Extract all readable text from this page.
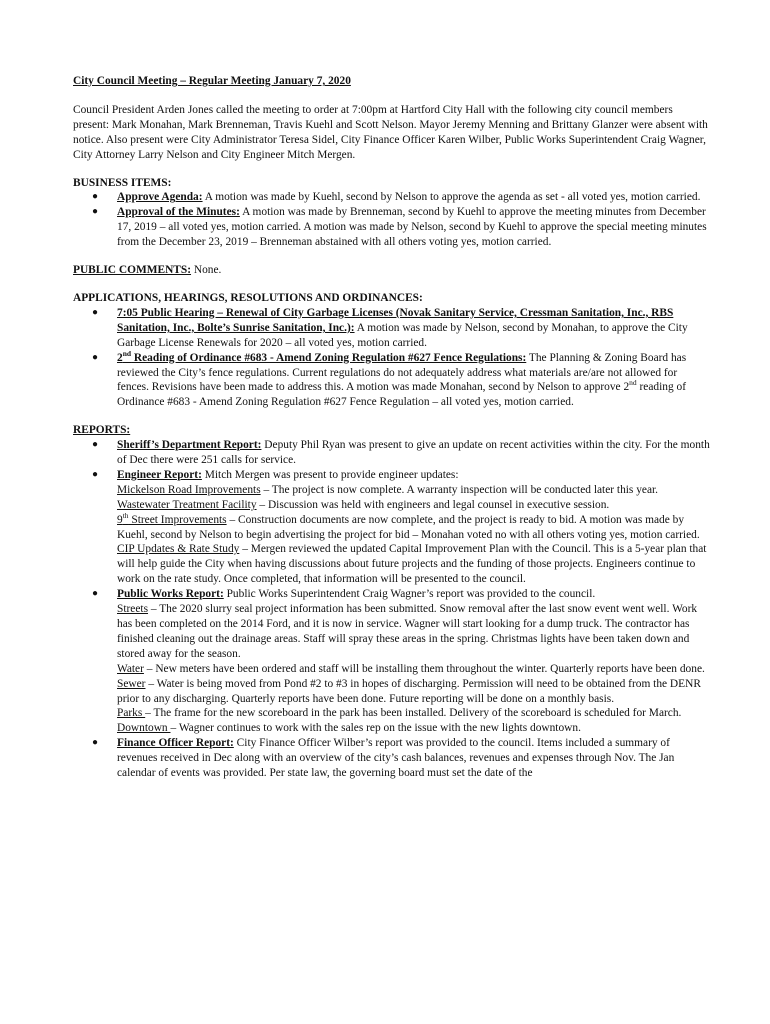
City Council Meeting – Regular Meeting January 7, 2020

Council President Arden Jones called the meeting to order at 7:00pm at Hartford City Hall with the following city council members present: Mark Monahan, Mark Brenneman, Travis Kuehl and Scott Nelson. Mayor Jeremy Menning and Brittany Glanzer were absent with notice. Also present were City Administrator Teresa Sidel, City Finance Officer Karen Wilber, Public Works Superintendent Craig Wagner, City Attorney Larry Nelson and City Engineer Mitch Mergen.

BUSINESS ITEMS:

● Approve Agenda: A motion was made by Kuehl, second by Nelson to approve the agenda as set - all voted yes, motion carried.
● Approval of the Minutes: A motion was made by Brenneman, second by Kuehl to approve the meeting minutes from December 17, 2019 – all voted yes, motion carried. A motion was made by Nelson, second by Kuehl to approve the special meeting minutes from the December 23, 2019 – Brenneman abstained with all others voting yes, motion carried.

PUBLIC COMMENTS: None.

APPLICATIONS, HEARINGS, RESOLUTIONS AND ORDINANCES:

● 7:05 Public Hearing – Renewal of City Garbage Licenses (Novak Sanitary Service, Cressman Sanitation, Inc., RBS Sanitation, Inc., Bolte’s Sunrise Sanitation, Inc.): A motion was made by Nelson, second by Monahan, to approve the City Garbage License Renewals for 2020 – all voted yes, motion carried.
● 2nd Reading of Ordinance #683 - Amend Zoning Regulation #627 Fence Regulations: The Planning & Zoning Board has reviewed the City’s fence regulations. Current regulations do not adequately address what materials are/are not allowed for fences. Revisions have been made to address this. A motion was made Monahan, second by Nelson to approve 2nd reading of Ordinance #683 - Amend Zoning Regulation #627 Fence Regulation – all voted yes, motion carried.

REPORTS:

● Sheriff’s Department Report: Deputy Phil Ryan was present to give an update on recent activities within the city. For the month of Dec there were 251 calls for service.
● Engineer Report: Mitch Mergen was present to provide engineer updates:

Mickelson Road Improvements – The project is now complete. A warranty inspection will be conducted later this year.

Wastewater Treatment Facility – Discussion was held with engineers and legal counsel in executive session.

9th Street Improvements – Construction documents are now complete, and the project is ready to bid. A motion was made by Kuehl, second by Nelson to begin advertising the project for bid – Monahan voted no with all others voting yes, motion carried.

CIP Updates & Rate Study – Mergen reviewed the updated Capital Improvement Plan with the Council. This is a 5-year plan that will help guide the City when having discussions about future projects and the funding of those projects. Engineers continue to work on the rate study. Once completed, that information will be presented to the council.

● Public Works Report: Public Works Superintendent Craig Wagner’s report was provided to the council.

Streets – The 2020 slurry seal project information has been submitted. Snow removal after the last snow event went well. Work has been completed on the 2014 Ford, and it is now in service. Wagner will start looking for a dump truck. The contractor has finished cleaning out the drainage areas. Staff will spray these areas in the spring. Christmas lights have been taken down and stored away for the season.

Water – New meters have been ordered and staff will be installing them throughout the winter. Quarterly reports have been done.

Sewer – Water is being moved from Pond #2 to #3 in hopes of discharging. Permission will need to be obtained from the DENR prior to any discharging. Quarterly reports have been done. Future reporting will be done on a monthly basis.

Parks – The frame for the new scoreboard in the park has been installed. Delivery of the scoreboard is scheduled for March.

Downtown – Wagner continues to work with the sales rep on the issue with the new lights downtown.

● Finance Officer Report: City Finance Officer Wilber’s report was provided to the council. Items included a summary of revenues received in Dec along with an overview of the city’s cash balances, revenues and expenses through Nov. The Jan calendar of events was provided. Per state law, the governing board must set the date of the
